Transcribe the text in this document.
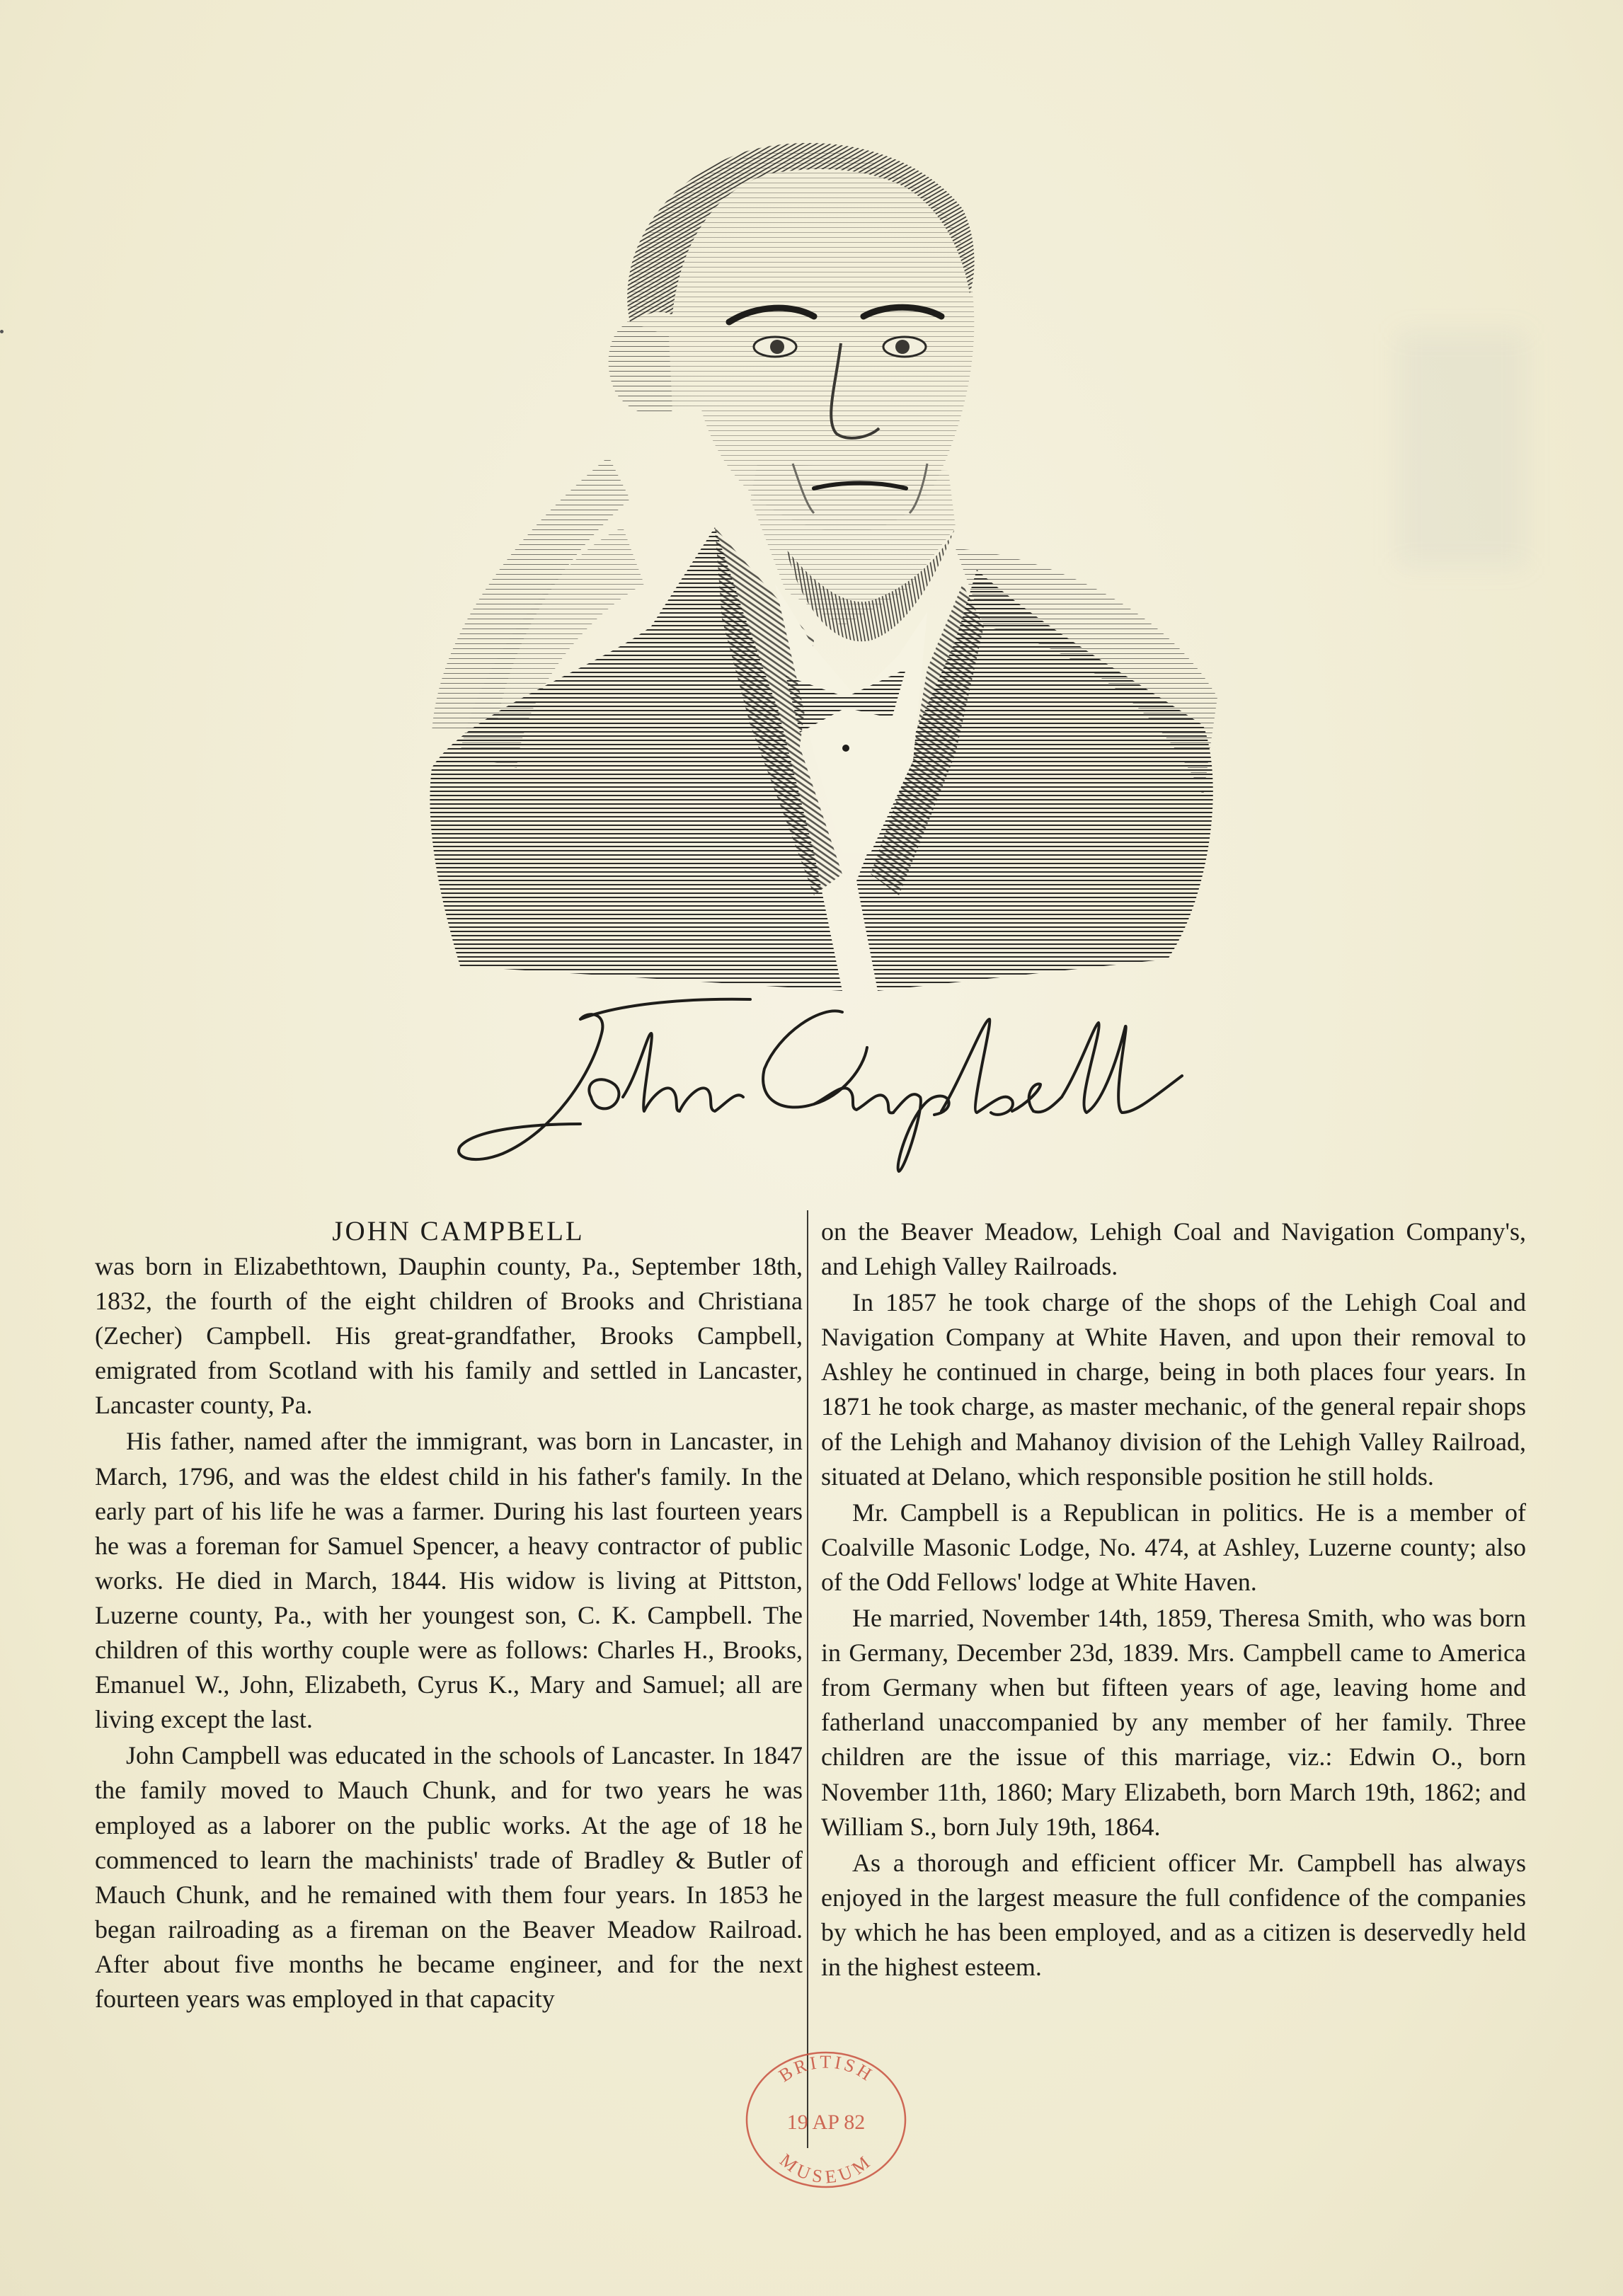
JOHN CAMPBELL

was born in Elizabethtown, Dauphin county, Pa., September 18th, 1832, the fourth of the eight children of Brooks and Christiana (Zecher) Campbell. His great-grandfather, Brooks Campbell, emigrated from Scotland with his family and settled in Lancaster, Lancaster county, Pa.

His father, named after the immigrant, was born in Lancaster, in March, 1796, and was the eldest child in his father's family. In the early part of his life he was a farmer. During his last fourteen years he was a foreman for Samuel Spencer, a heavy contractor of public works. He died in March, 1844. His widow is living at Pittston, Luzerne county, Pa., with her youngest son, C. K. Campbell. The children of this worthy couple were as follows: Charles H., Brooks, Emanuel W., John, Elizabeth, Cyrus K., Mary and Samuel; all are living except the last.

John Campbell was educated in the schools of Lancaster. In 1847 the family moved to Mauch Chunk, and for two years he was employed as a laborer on the public works. At the age of 18 he commenced to learn the machinists' trade of Bradley & Butler of Mauch Chunk, and he remained with them four years. In 1853 he began railroading as a fireman on the Beaver Meadow Railroad. After about five months he became engineer, and for the next fourteen years was employed in that capacity

on the Beaver Meadow, Lehigh Coal and Navigation Company's, and Lehigh Valley Railroads.

In 1857 he took charge of the shops of the Lehigh Coal and Navigation Company at White Haven, and upon their removal to Ashley he continued in charge, being in both places four years. In 1871 he took charge, as master mechanic, of the general repair shops of the Lehigh and Mahanoy division of the Lehigh Valley Railroad, situated at Delano, which responsible position he still holds.

Mr. Campbell is a Republican in politics. He is a member of Coalville Masonic Lodge, No. 474, at Ashley, Luzerne county; also of the Odd Fellows' lodge at White Haven.

He married, November 14th, 1859, Theresa Smith, who was born in Germany, December 23d, 1839. Mrs. Campbell came to America from Germany when but fifteen years of age, leaving home and fatherland unaccompanied by any member of her family. Three children are the issue of this marriage, viz.: Edwin O., born November 11th, 1860; Mary Elizabeth, born March 19th, 1862; and William S., born July 19th, 1864.

As a thorough and efficient officer Mr. Campbell has always enjoyed in the largest measure the full confidence of the companies by which he has been employed, and as a citizen is deservedly held in the highest esteem.

BRITISH
19 AP 82
MUSEUM
